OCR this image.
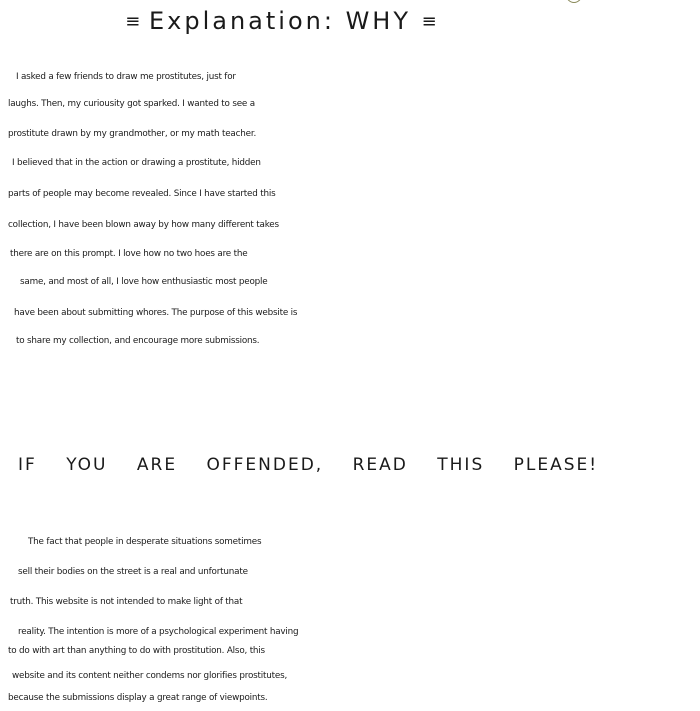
≡ Explanation: WHY ≡
I asked a few friends to draw me prostitutes, just for
laughs. Then, my curiousity got sparked. I wanted to see a
prostitute drawn by my grandmother, or my math teacher.
I believed that in the action or drawing a prostitute, hidden
parts of people may become revealed. Since I have started this
collection, I have been blown away by how many different takes
there are on this prompt. I love how no two hoes are the
same, and most of all, I love how enthusiastic most people
have been about submitting whores. The purpose of this website is
to share my collection, and encourage more submissions.
IF YOU ARE OFFENDED, READ THIS PLEASE!
The fact that people in desperate situations sometimes
sell their bodies on the street is a real and unfortunate
truth. This website is not intended to make light of that
reality. The intention is more of a psychological experiment having
to do with art than anything to do with prostitution. Also, this
website and its content neither condems nor glorifies prostitutes,
because the submissions display a great range of viewpoints.
